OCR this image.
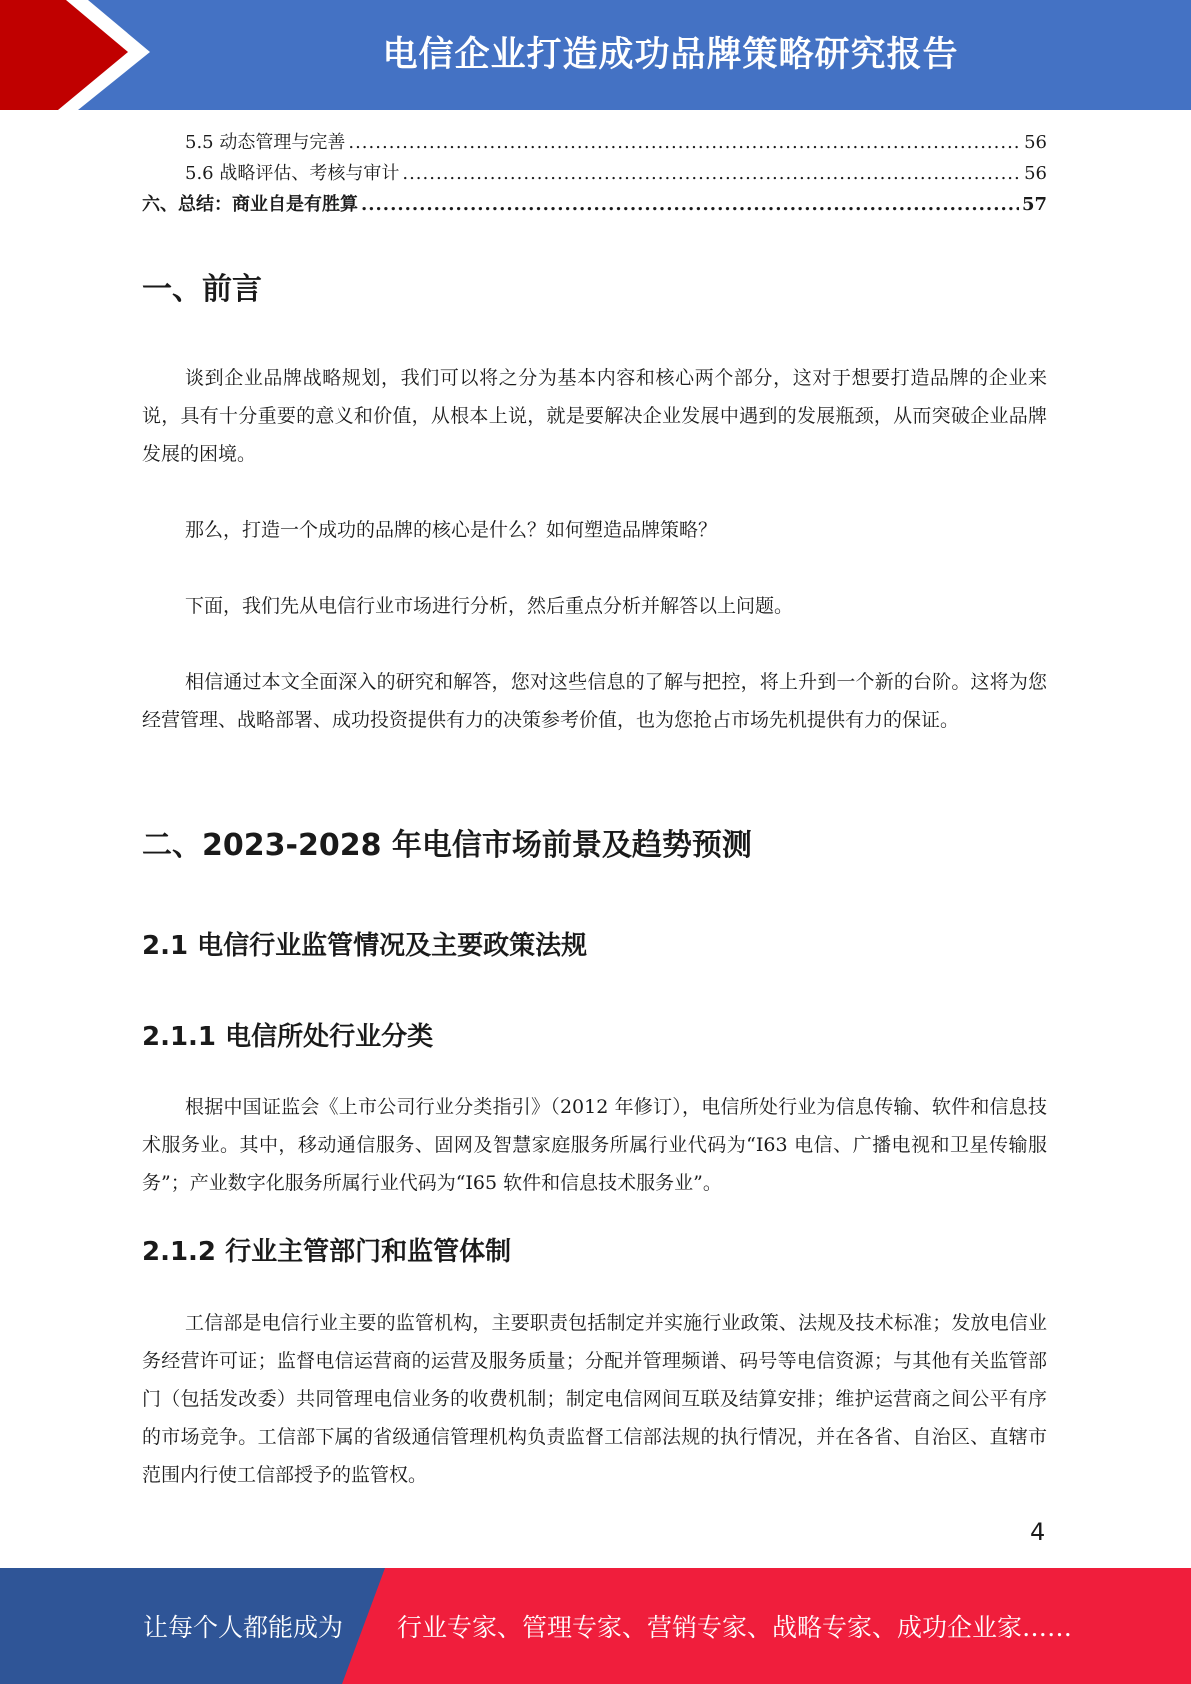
电信企业打造成功品牌策略研究报告
5.5 动态管理与完善 .....	56
5.6 战略评估、考核与审计 .....	56
六、总结：商业自是有胜算 .....	57
一、前言
谈到企业品牌战略规划，我们可以将之分为基本内容和核心两个部分，这对于想要打造品牌的企业来说，具有十分重要的意义和价值，从根本上说，就是要解决企业发展中遇到的发展瓶颈，从而突破企业品牌发展的困境。
那么，打造一个成功的品牌的核心是什么？如何塑造品牌策略？
下面，我们先从电信行业市场进行分析，然后重点分析并解答以上问题。
相信通过本文全面深入的研究和解答，您对这些信息的了解与把控，将上升到一个新的台阶。这将为您经营管理、战略部署、成功投资提供有力的决策参考价值，也为您抢占市场先机提供有力的保证。
二、2023-2028 年电信市场前景及趋势预测
2.1 电信行业监管情况及主要政策法规
2.1.1 电信所处行业分类
根据中国证监会《上市公司行业分类指引》（2012 年修订），电信所处行业为信息传输、软件和信息技术服务业。其中，移动通信服务、固网及智慧家庭服务所属行业代码为“I63 电信、广播电视和卫星传输服务”；产业数字化服务所属行业代码为“I65 软件和信息技术服务业”。
2.1.2 行业主管部门和监管体制
工信部是电信行业主要的监管机构，主要职责包括制定并实施行业政策、法规及技术标准；发放电信业务经营许可证；监督电信运营商的运营及服务质量；分配并管理频谱、码号等电信资源；与其他有关监管部门（包括发改委）共同管理电信业务的收费机制；制定电信网间互联及结算安排；维护运营商之间公平有序的市场竞争。工信部下属的省级通信管理机构负责监督工信部法规的执行情况，并在各省、自治区、直辖市范围内行使工信部授予的监管权。
4
让每个人都能成为 行业专家、管理专家、营销专家、战略专家、成功企业家……
